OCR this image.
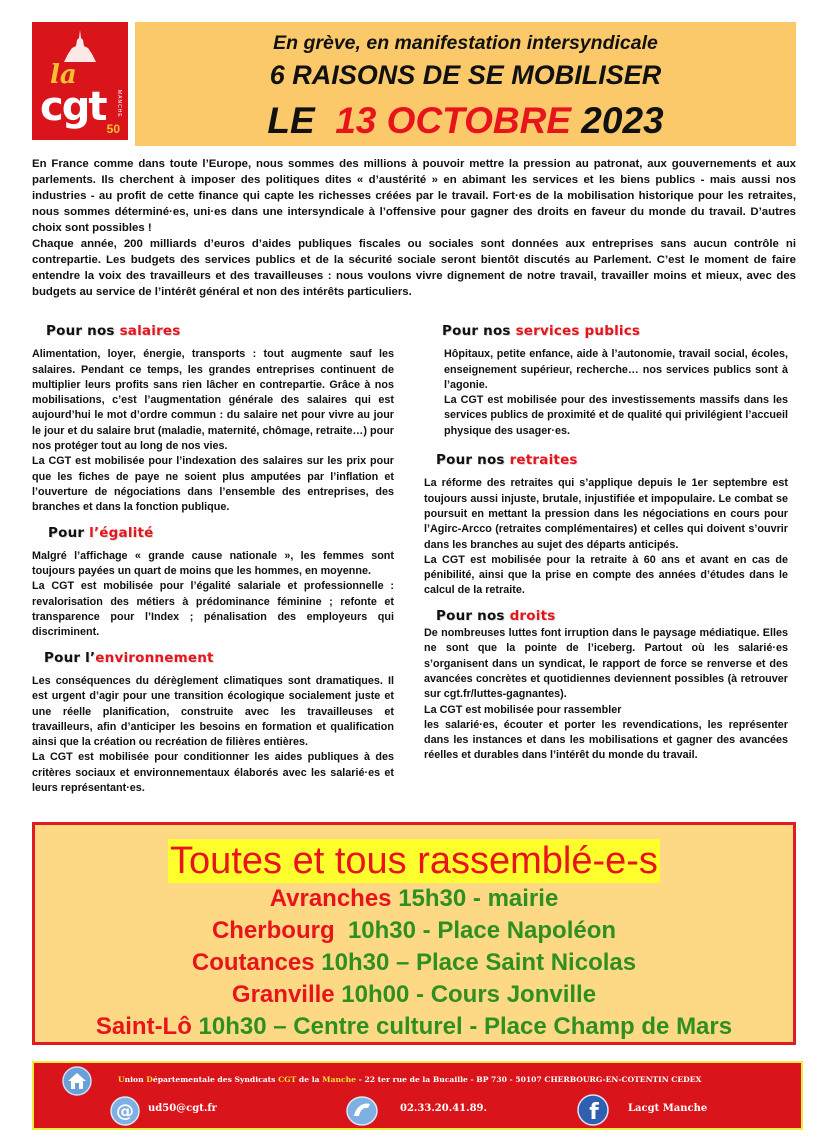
la
cgt MANCHE
50
En grève, en manifestation intersyndicale
6 RAISONS DE SE MOBILISER
LE  13 OCTOBRE 2023

En France comme dans toute l’Europe, nous sommes des millions à pouvoir mettre la pression au patronat, aux gouvernements et aux parlements. Ils cherchent à imposer des politiques dites « d’austérité » en abimant les services et les biens publics - mais aussi nos industries - au profit de cette finance qui capte les richesses créées par le travail. Fort·es de la mobilisation historique pour les retraites, nous sommes déterminé·es, uni·es dans une intersyndicale à l’offensive pour gagner des droits en faveur du monde du travail. D’autres choix sont possibles !

Chaque année, 200 milliards d’euros d’aides publiques fiscales ou sociales sont données aux entreprises sans aucun contrôle ni contrepartie. Les budgets des services publics et de la sécurité sociale seront bientôt discutés au Parlement. C’est le moment de faire entendre la voix des travailleurs et des travailleuses : nous voulons vivre dignement de notre travail, travailler moins et mieux, avec des budgets au service de l’intérêt général et non des intérêts particuliers.

Pour nos salaires

Alimentation, loyer, énergie, transports : tout augmente sauf les salaires. Pendant ce temps, les grandes entreprises continuent de multiplier leurs profits sans rien lâcher en contrepartie. Grâce à nos mobilisations, c’est l’augmentation générale des salaires qui est aujourd’hui le mot d’ordre commun : du salaire net pour vivre au jour le jour et du salaire brut (maladie, maternité, chômage, retraite…) pour nos protéger tout au long de nos vies.

La CGT est mobilisée pour l’indexation des salaires sur les prix pour que les fiches de paye ne soient plus amputées par l’inflation et l’ouverture de négociations dans l’ensemble des entreprises, des branches et dans la fonction publique.

Pour l’égalité

Malgré l’affichage « grande cause nationale », les femmes sont toujours payées un quart de moins que les hommes, en moyenne.

La CGT est mobilisée pour l’égalité salariale et professionnelle : revalorisation des métiers à prédominance féminine ; refonte et transparence pour l’Index ; pénalisation des employeurs qui discriminent.

Pour l’environnement

Les conséquences du dérèglement climatiques sont dramatiques. Il est urgent d’agir pour une transition écologique socialement juste et une réelle planification, construite avec les travailleuses et travailleurs, afin d’anticiper les besoins en formation et qualification ainsi que la création ou recréation de filières entières.

La CGT est mobilisée pour conditionner les aides publiques à des critères sociaux et environnementaux élaborés avec les salarié·es et leurs représentant·es.

Pour nos services publics

Hôpitaux, petite enfance, aide à l’autonomie, travail social, écoles, enseignement supérieur, recherche… nos services publics sont à l’agonie.

La CGT est mobilisée pour des investissements massifs dans les services publics de proximité et de qualité qui privilégient l’accueil physique des usager·es.

Pour nos retraites

La réforme des retraites qui s’applique depuis le 1er septembre est toujours aussi injuste, brutale, injustifiée et impopulaire. Le combat se poursuit en mettant la pression dans les négociations en cours pour l’Agirc-Arcco (retraites complémentaires) et celles qui doivent s’ouvrir dans les branches au sujet des départs anticipés.

La CGT est mobilisée pour la retraite à 60 ans et avant en cas de pénibilité, ainsi que la prise en compte des années d’études dans le calcul de la retraite.

Pour nos droits

De nombreuses luttes font irruption dans le paysage médiatique. Elles ne sont que la pointe de l’iceberg. Partout où les salarié·es s’organisent dans un syndicat, le rapport de force se renverse et des avancées concrètes et quotidiennes deviennent possibles (à retrouver sur cgt.fr/luttes-gagnantes).

La CGT est mobilisée pour rassembler

les salarié·es, écouter et porter les revendications, les représenter dans les instances et dans les mobilisations et gagner des avancées réelles et durables dans l’intérêt du monde du travail.

Toutes et tous rassemblé-e-s
Avranches 15h30 - mairie
Cherbourg  10h30 - Place Napoléon
Coutances 10h30 – Place Saint Nicolas
Granville 10h00 - Cours Jonville
Saint-Lô 10h30 – Centre culturel - Place Champ de Mars
Union Départementale des Syndicats CGT de la Manche - 22 ter rue de la Bucaille - BP 730 - 50107 CHERBOURG-EN-COTENTIN CEDEX
@ ud50@cgt.fr	02.33.20.41.89.	f	Lacgt Manche
